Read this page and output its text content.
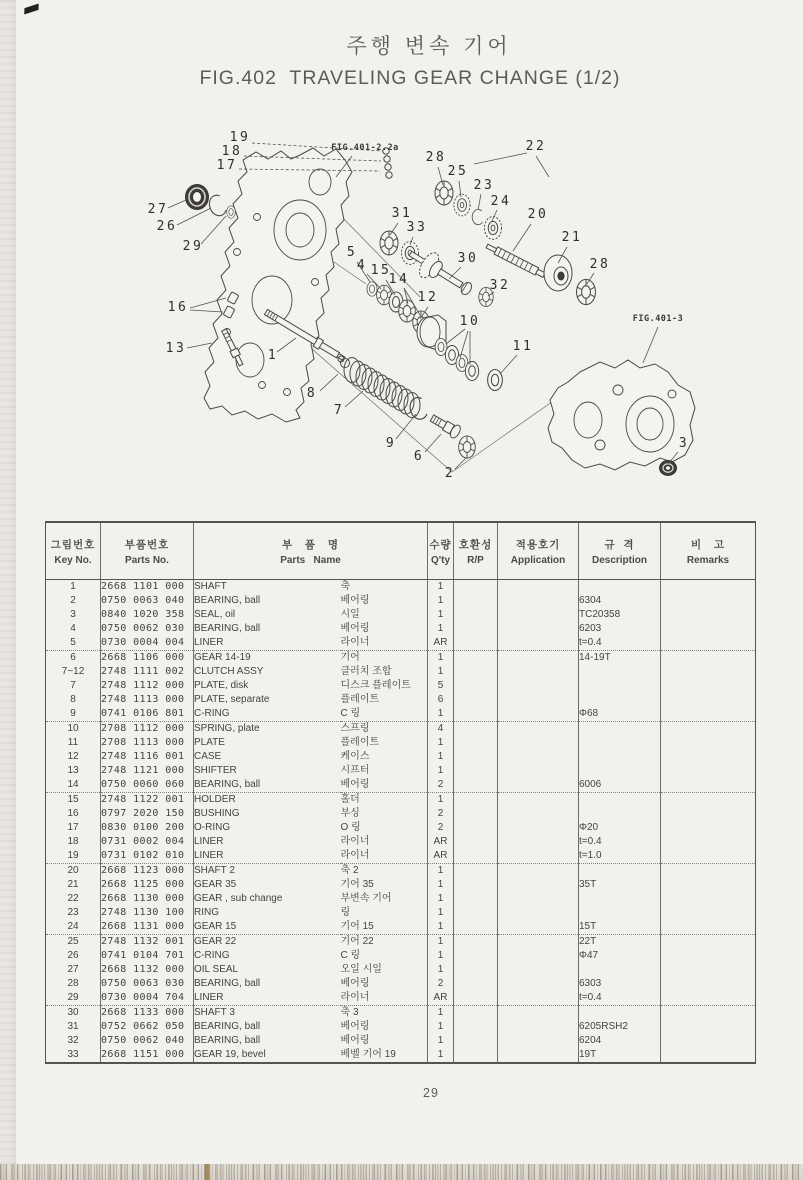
주행 변속 기어
FIG.402  TRAVELING GEAR CHANGE (1/2)
19
18
17
27
26
29
16
13	1
8
7
9
6
2
5
4 15
14
12
31
33
28
25
23
24
22
20
21
28
30
32
10
11
3
FIG.401-2.2a
FIG.401-3
그림번호
Key No.

부품번호
Parts No.

부   품   명
Parts   Name

수량
Q'ty

호환성
R/P

적용호기
Application

규  격
Description

비   고
Remarks

1	2668 1101 000	SHAFT	축	1				
2	0750 0063 040	BEARING, ball	베어링	1			6304	
3	0840 1020 358	SEAL, oil	시일	1			TC20358	
4	0750 0062 030	BEARING, ball	베어링	1			6203	
5	0730 0004 004	LINER	라이너	AR			t=0.4	
6	2668 1106 000	GEAR 14-19	기어	1			14-19T	
7~12	2748 1111 002	CLUTCH ASSY	클러치 조합	1				
7	2748 1112 000	PLATE, disk	디스크 플레이트	5				
8	2748 1113 000	PLATE, separate	플레이트	6				
9	0741 0106 801	C-RING	C 링	1			Φ68	
10	2708 1112 000	SPRING, plate	스프링	4				
11	2708 1113 000	PLATE	플레이트	1				
12	2748 1116 001	CASE	케이스	1				
13	2748 1121 000	SHIFTER	시프터	1				
14	0750 0060 060	BEARING, ball	베어링	2			6006	
15	2748 1122 001	HOLDER	홀더	1				
16	0797 2020 150	BUSHING	부싱	2				
17	0830 0100 200	O-RING	O 링	2			Φ20	
18	0731 0002 004	LINER	라이너	AR			t=0.4	
19	0731 0102 010	LINER	라이너	AR			t=1.0	
20	2668 1123 000	SHAFT 2	축 2	1				
21	2668 1125 000	GEAR 35	기어 35	1			35T	
22	2668 1130 000	GEAR , sub change	부변속 기어	1				
23	2748 1130 100	RING	링	1				
24	2668 1131 000	GEAR 15	기어 15	1			15T	
25	2748 1132 001	GEAR 22	기어 22	1			22T	
26	0741 0104 701	C-RING	C 링	1			Φ47	
27	2668 1132 000	OIL SEAL	오일 시일	1				
28	0750 0063 030	BEARING, ball	베어링	2			6303	
29	0730 0004 704	LINER	라이너	AR			t=0.4	
30	2668 1133 000	SHAFT 3	축 3	1				
31	0752 0662 050	BEARING, ball	베어링	1			6205RSH2	
32	0750 0062 040	BEARING, ball	베어링	1			6204	
33	2668 1151 000	GEAR 19, bevel	베벨 기어 19	1			19T	
29
